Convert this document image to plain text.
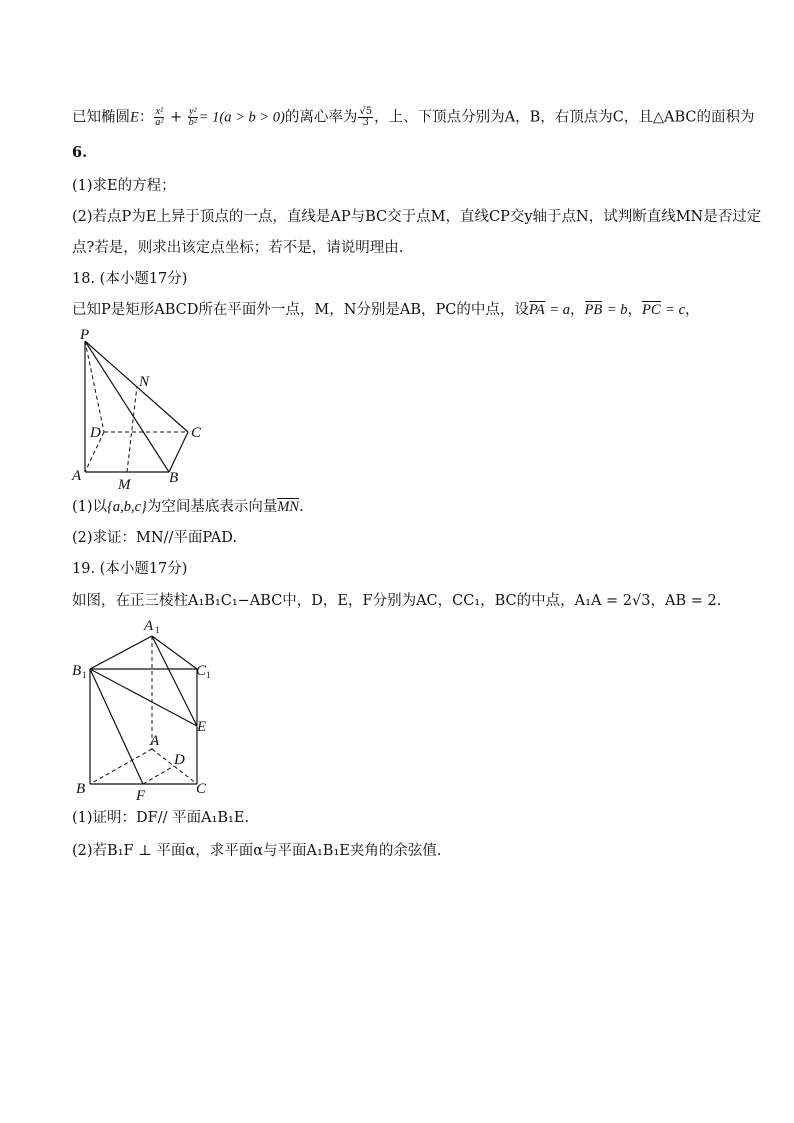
已知椭圆E： $\frac{\text{x²}}{\text{a²}} + \frac{\text{y²}}{\text{b²}} = 1(a > b > 0)$的离心率为 $\frac{√5}{3}$ ，上、下顶点分别为A，B，右顶点为C，且△ABC的面积为
6.
(1)求E的方程；
(2)若点P为E上异于顶点的一点，直线是AP与BC交于点M，直线CP交y轴于点N，试判断直线MN是否过定
点?若是，则求出该定点坐标；若不是，请说明理由.
18. (本小题17分)
已知P是矩形ABCD所在平面外一点，M，N分别是AB，PC的中点，设PA = a，PB = b，PC = c，
P
N
D	C
A
M	B
(1)以{a,b,c}为空间基底表示向量MN.
(2)求证：MN//平面PAD.
19. (本小题17分)
如图，在正三棱柱A₁B₁C₁−ABC中，D，E，F分别为AC，CC₁，BC的中点，A₁A = 2√3，AB = 2.
A 1
B 1	C 1
E
A
D
B	F	C
(1)证明：DF// 平面A₁B₁E.
(2)若B₁F ⊥ 平面α，求平面α与平面A₁B₁E夹角的余弦值.
